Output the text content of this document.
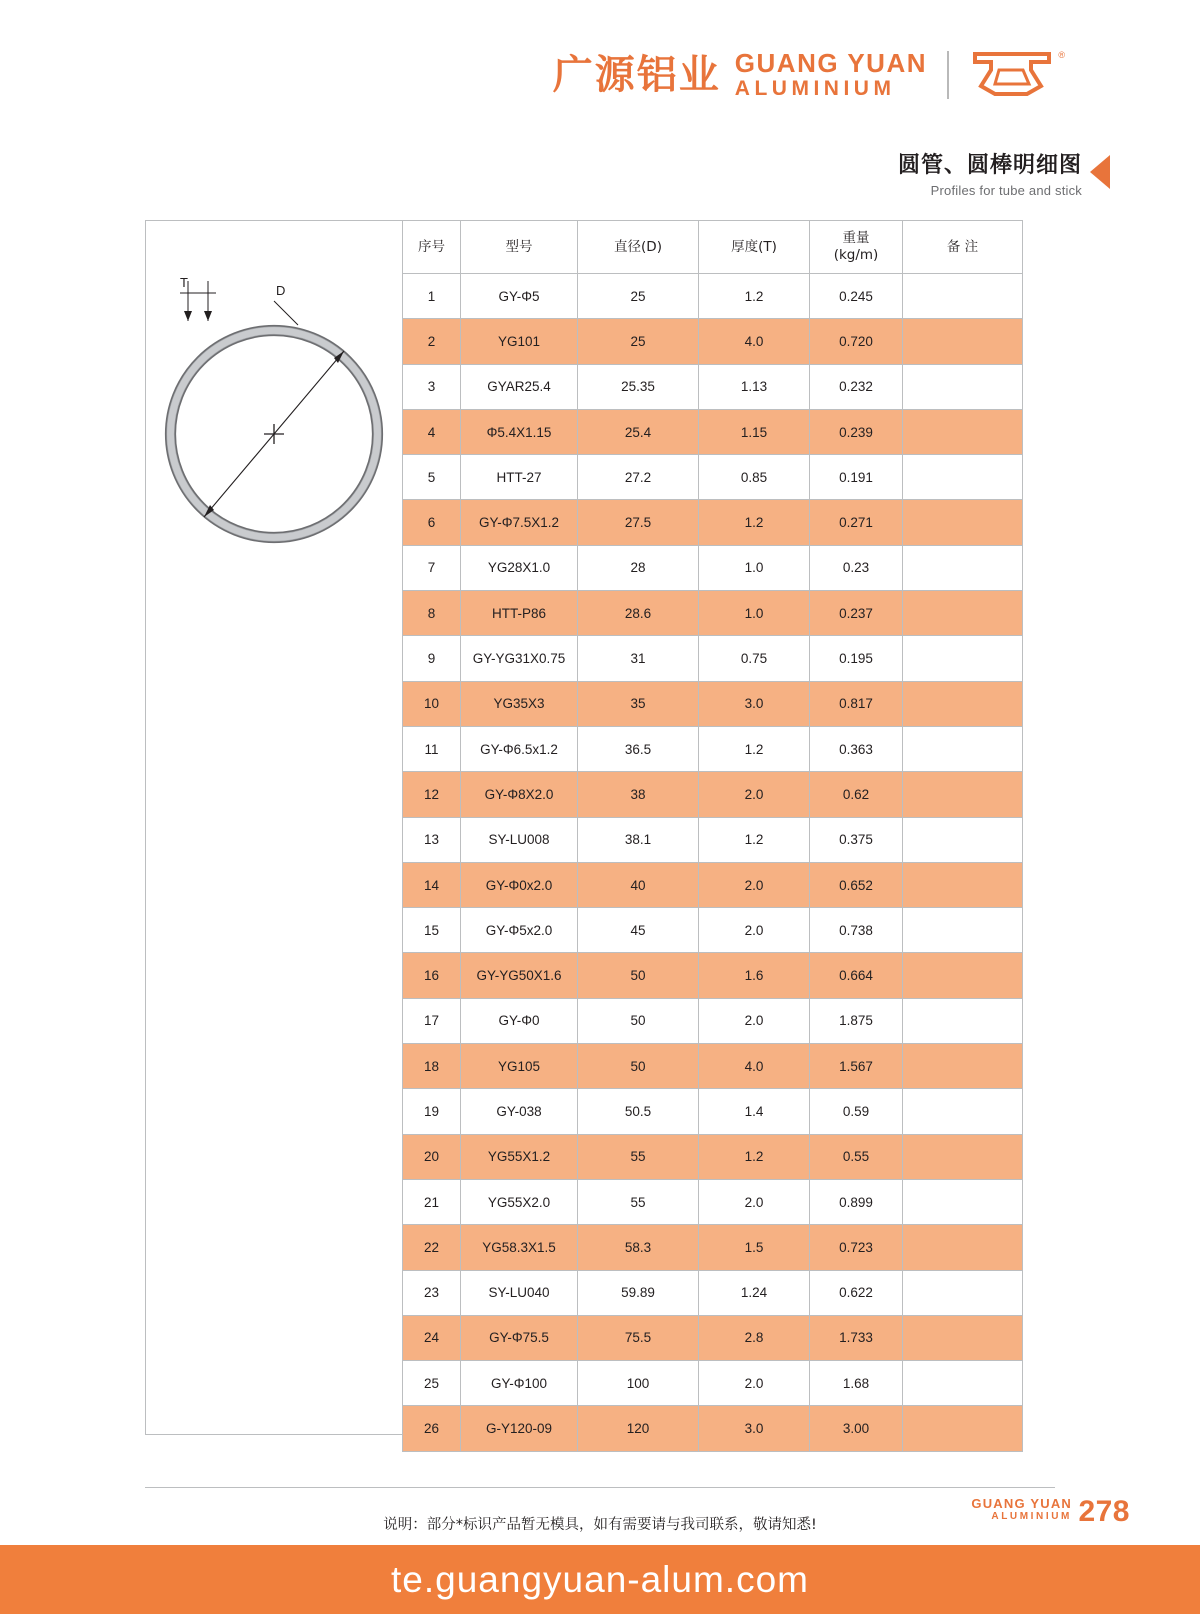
广源铝业 GUANG YUAN
ALUMINIUM
®
圆管、圆棒明细图
Profiles for tube and stick
T
D
序号	型号	直径(D)	厚度(T)	重量
(kg/m)	备 注
1	GY-Φ5	25	1.2	0.245	
2	YG101	25	4.0	0.720	
3	GYAR25.4	25.35	1.13	0.232	
4	Φ5.4X1.15	25.4	1.15	0.239	
5	HTT-27	27.2	0.85	0.191	
6	GY-Φ7.5X1.2	27.5	1.2	0.271	
7	YG28X1.0	28	1.0	0.23	
8	HTT-P86	28.6	1.0	0.237	
9	GY-YG31X0.75	31	0.75	0.195	
10	YG35X3	35	3.0	0.817	
11	GY-Φ6.5x1.2	36.5	1.2	0.363	
12	GY-Φ8X2.0	38	2.0	0.62	
13	SY-LU008	38.1	1.2	0.375	
14	GY-Φ0x2.0	40	2.0	0.652	
15	GY-Φ5x2.0	45	2.0	0.738	
16	GY-YG50X1.6	50	1.6	0.664	
17	GY-Φ0	50	2.0	1.875	
18	YG105	50	4.0	1.567	
19	GY-038	50.5	1.4	0.59	
20	YG55X1.2	55	1.2	0.55	
21	YG55X2.0	55	2.0	0.899	
22	YG58.3X1.5	58.3	1.5	0.723	
23	SY-LU040	59.89	1.24	0.622	
24	GY-Φ75.5	75.5	2.8	1.733	
25	GY-Φ100	100	2.0	1.68	
26	G-Y120-09	120	3.0	3.00	
说明：部分*标识产品暂无模具，如有需要请与我司联系，敬请知悉!
GUANG YUAN
ALUMINIUM 278
te.guangyuan-alum.com
